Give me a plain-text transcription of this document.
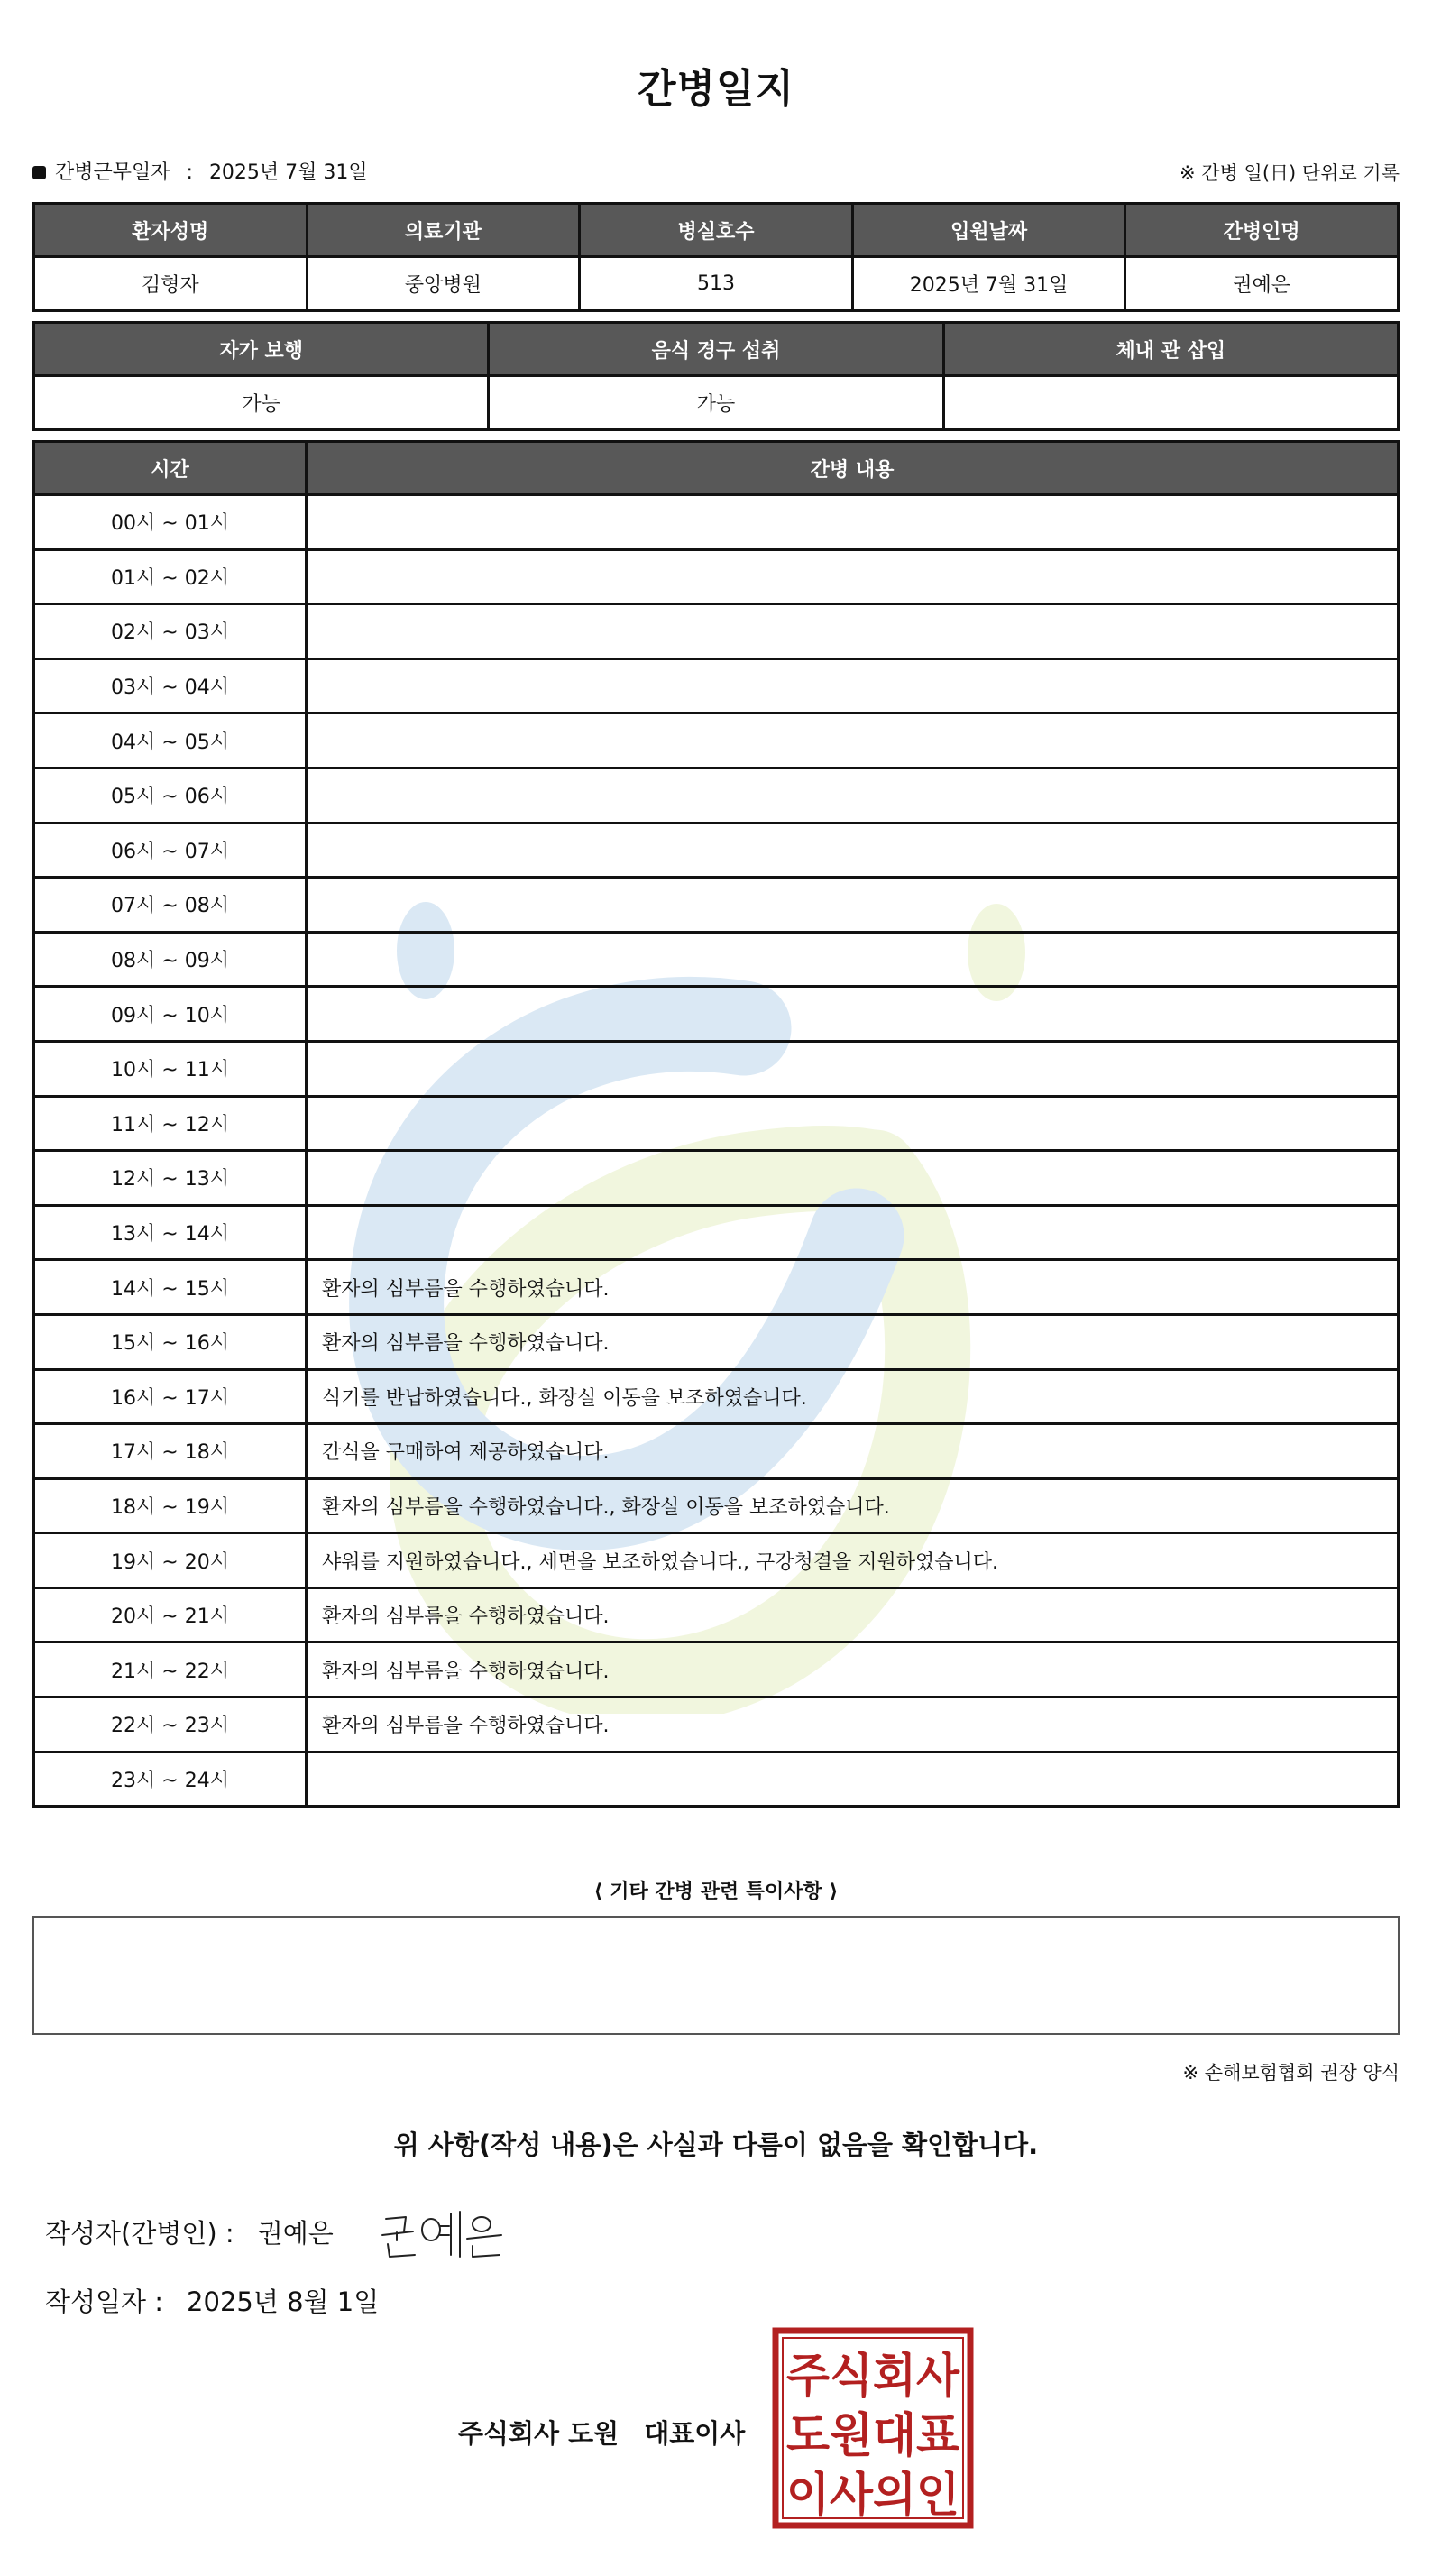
간병일지
간병근무일자 : 2025년 7월 31일	※ 간병 일(日) 단위로 기록
환자성명	의료기관	병실호수	입원날짜	간병인명
김형자	중앙병원	513	2025년 7월 31일	권예은
자가 보행	음식 경구 섭취	체내 관 삽입
가능	가능	
시간	간병 내용
00시 ~ 01시	
01시 ~ 02시	
02시 ~ 03시	
03시 ~ 04시	
04시 ~ 05시	
05시 ~ 06시	
06시 ~ 07시	
07시 ~ 08시	
08시 ~ 09시	
09시 ~ 10시	
10시 ~ 11시	
11시 ~ 12시	
12시 ~ 13시	
13시 ~ 14시	
14시 ~ 15시	환자의 심부름을 수행하였습니다.
15시 ~ 16시	환자의 심부름을 수행하였습니다.
16시 ~ 17시	식기를 반납하였습니다., 화장실 이동을 보조하였습니다.
17시 ~ 18시	간식을 구매하여 제공하였습니다.
18시 ~ 19시	환자의 심부름을 수행하였습니다., 화장실 이동을 보조하였습니다.
19시 ~ 20시	샤워를 지원하였습니다., 세면을 보조하였습니다., 구강청결을 지원하였습니다.
20시 ~ 21시	환자의 심부름을 수행하였습니다.
21시 ~ 22시	환자의 심부름을 수행하였습니다.
22시 ~ 23시	환자의 심부름을 수행하였습니다.
23시 ~ 24시	
⟨ 기타 간병 관련 특이사항 ⟩
※ 손해보험협회 권장 양식
위 사항(작성 내용)은 사실과 다름이 없음을 확인합니다.
작성자(간병인) : 권예은
작성일자 : 2025년 8월 1일
주식회사 도원 대표이사
주식회사
도원대표
이사의인
